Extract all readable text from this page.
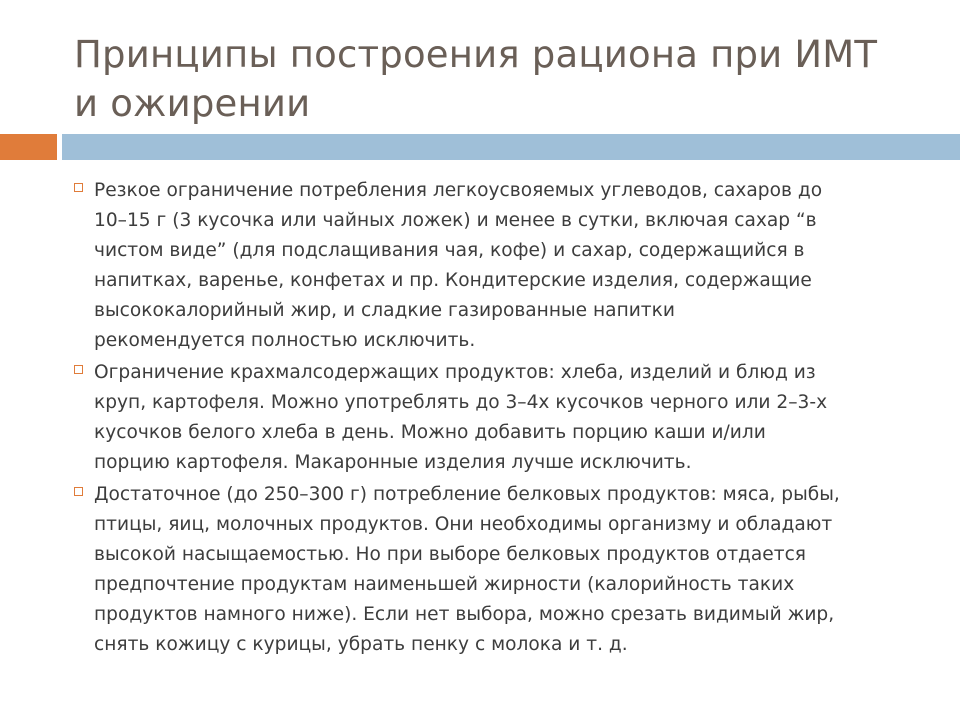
Принципы построения рациона при ИМТ
и ожирении
Резкое ограничение потребления легкоусвояемых углеводов, сахаров до
10–15 г (3 кусочка или чайных ложек) и менее в сутки, включая сахар “в
чистом виде” (для подслащивания чая, кофе) и сахар, содержащийся в
напитках, варенье, конфетах и пр. Кондитерские изделия, содержащие
высококалорийный жир, и сладкие газированные напитки
рекомендуется полностью исключить.
Ограничение крахмалсодержащих продуктов: хлеба, изделий и блюд из
круп, картофеля. Можно употреблять до 3–4х кусочков черного или 2–3-х
кусочков белого хлеба в день. Можно добавить порцию каши и/или
порцию картофеля. Макаронные изделия лучше исключить.
Достаточное (до 250–300 г) потребление белковых продуктов: мяса, рыбы,
птицы, яиц, молочных продуктов. Они необходимы организму и обладают
высокой насыщаемостью. Но при выборе белковых продуктов отдается
предпочтение продуктам наименьшей жирности (калорийность таких
продуктов намного ниже). Если нет выбора, можно срезать видимый жир,
снять кожицу с курицы, убрать пенку с молока и т. д.
